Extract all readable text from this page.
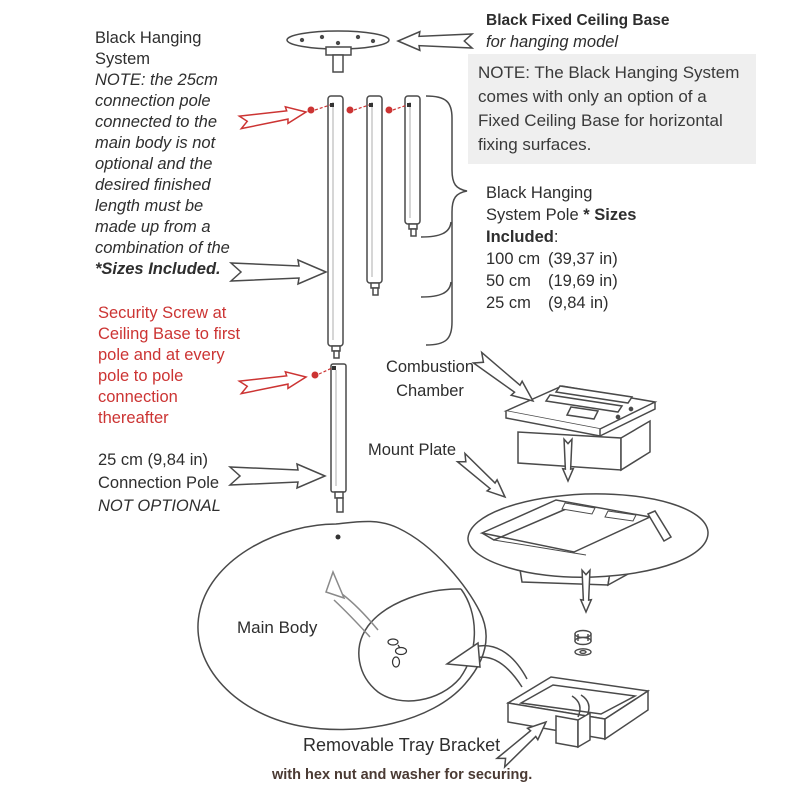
Black Hanging
System
NOTE: the 25cm
connection pole
connected to the
main body is not
optional and the
desired finished
length must be
made up from a
combination of the
*Sizes Included.
Black Fixed Ceiling Base
for hanging model
NOTE: The Black Hanging System
comes with only an option of a
Fixed Ceiling Base for horizontal
fixing surfaces.
Black Hanging
System Pole * Sizes
Included:
100 cm (39,37 in)
50 cm	(19,69 in)
25 cm	(9,84 in)
Security Screw at
Ceiling Base to first
pole and at every
pole to pole
connection
thereafter
25 cm (9,84 in)
Connection Pole
NOT OPTIONAL
Combustion
Chamber
Mount Plate
Main Body
Removable Tray Bracket
with hex nut and washer for securing.
